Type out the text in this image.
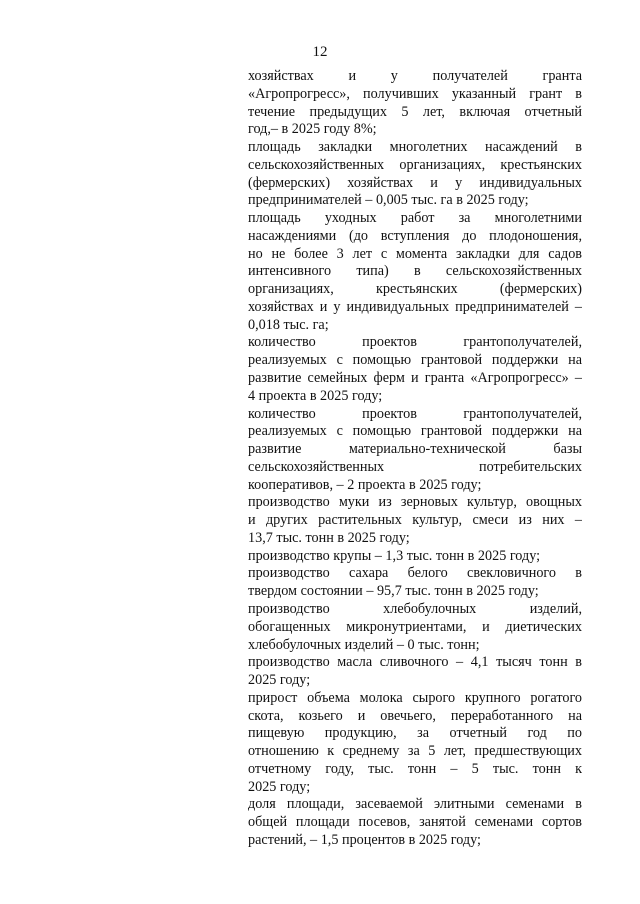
12
хозяйствах и у получателей гранта
«Агропрогресс», получивших указанный грант в
течение предыдущих 5 лет, включая отчетный
год,– в 2025 году 8%;
площадь закладки многолетних насаждений в
сельскохозяйственных организациях, крестьянских
(фермерских) хозяйствах и у индивидуальных
предпринимателей – 0,005 тыс. га в 2025 году;
площадь уходных работ за многолетними
насаждениями (до вступления до плодоношения,
но не более 3 лет с момента закладки для садов
интенсивного типа) в сельскохозяйственных
организациях, крестьянских (фермерских)
хозяйствах и у индивидуальных предпринимателей –
0,018 тыс. га;
количество проектов грантополучателей,
реализуемых с помощью грантовой поддержки на
развитие семейных ферм и гранта «Агропрогресс» –
4 проекта в 2025 году;
количество проектов грантополучателей,
реализуемых с помощью грантовой поддержки на
развитие материально-технической базы
сельскохозяйственных потребительских
кооперативов, – 2 проекта в 2025 году;
производство муки из зерновых культур, овощных
и других растительных культур, смеси из них –
13,7 тыс. тонн в 2025 году;
производство крупы – 1,3 тыс. тонн в 2025 году;
производство сахара белого свекловичного в
твердом состоянии – 95,7 тыс. тонн в 2025 году;
производство хлебобулочных изделий,
обогащенных микронутриентами, и диетических
хлебобулочных изделий – 0 тыс. тонн;
производство масла сливочного – 4,1 тысяч тонн в
2025 году;
прирост объема молока сырого крупного рогатого
скота, козьего и овечьего, переработанного на
пищевую продукцию, за отчетный год по
отношению к среднему за 5 лет, предшествующих
отчетному году, тыс. тонн – 5 тыс. тонн к
2025 году;
доля площади, засеваемой элитными семенами в
общей площади посевов, занятой семенами сортов
растений, – 1,5 процентов в 2025 году;
